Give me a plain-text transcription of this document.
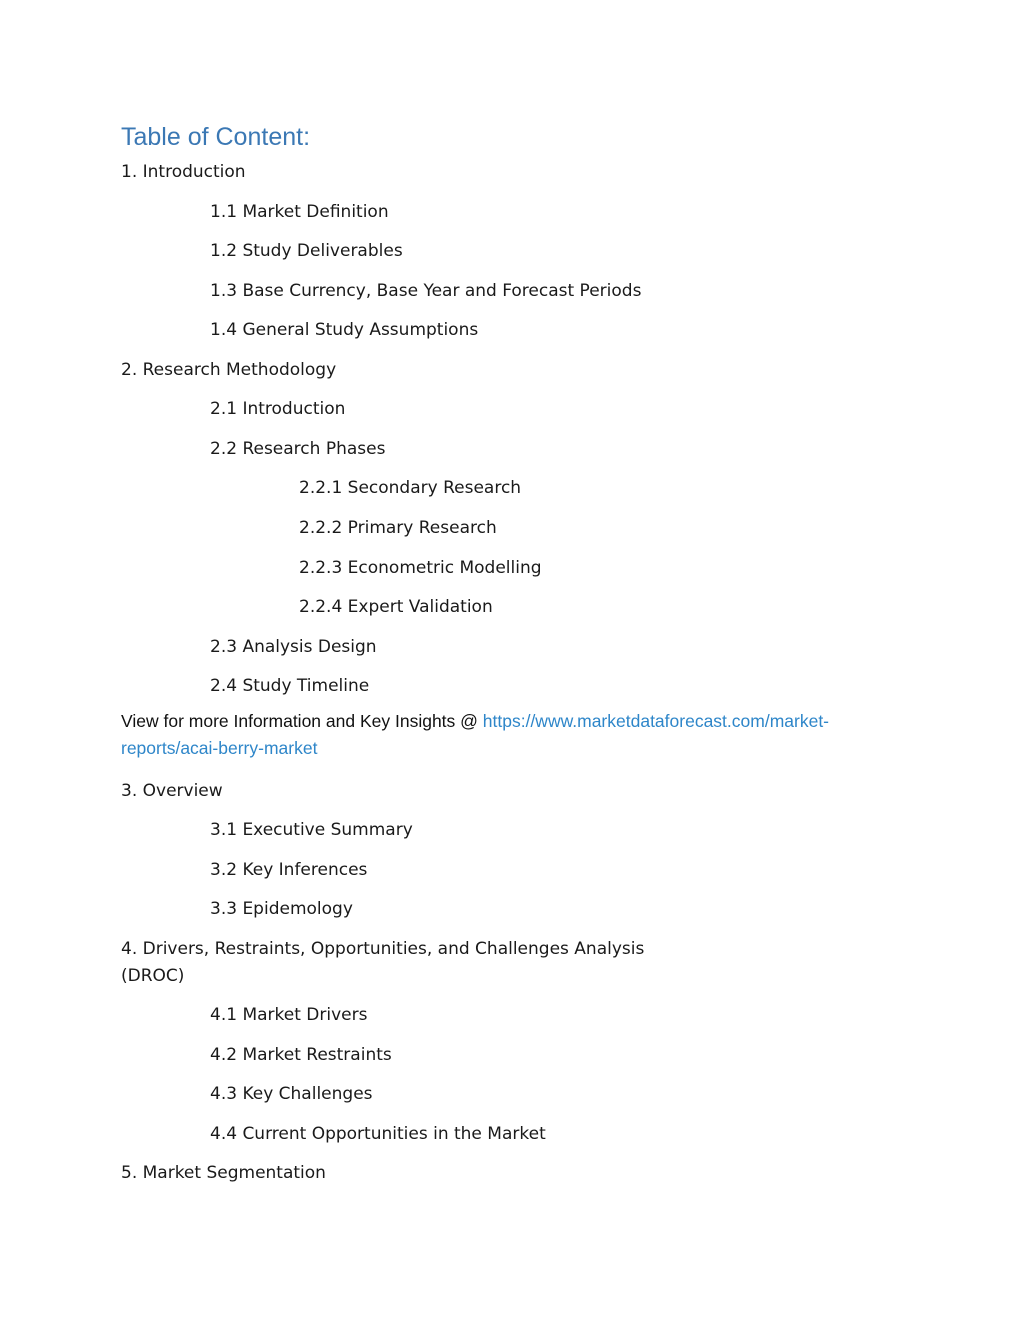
Table of Content:
1. Introduction
1.1 Market Definition
1.2 Study Deliverables
1.3 Base Currency, Base Year and Forecast Periods
1.4 General Study Assumptions
2. Research Methodology
2.1 Introduction
2.2 Research Phases
2.2.1 Secondary Research
2.2.2 Primary Research
2.2.3 Econometric Modelling
2.2.4 Expert Validation
2.3 Analysis Design
2.4 Study Timeline
View for more Information and Key Insights @ https://www.marketdataforecast.com/market-
reports/acai-berry-market
3. Overview
3.1 Executive Summary
3.2 Key Inferences
3.3 Epidemology
4. Drivers, Restraints, Opportunities, and Challenges Analysis
(DROC)
4.1 Market Drivers
4.2 Market Restraints
4.3 Key Challenges
4.4 Current Opportunities in the Market
5. Market Segmentation
